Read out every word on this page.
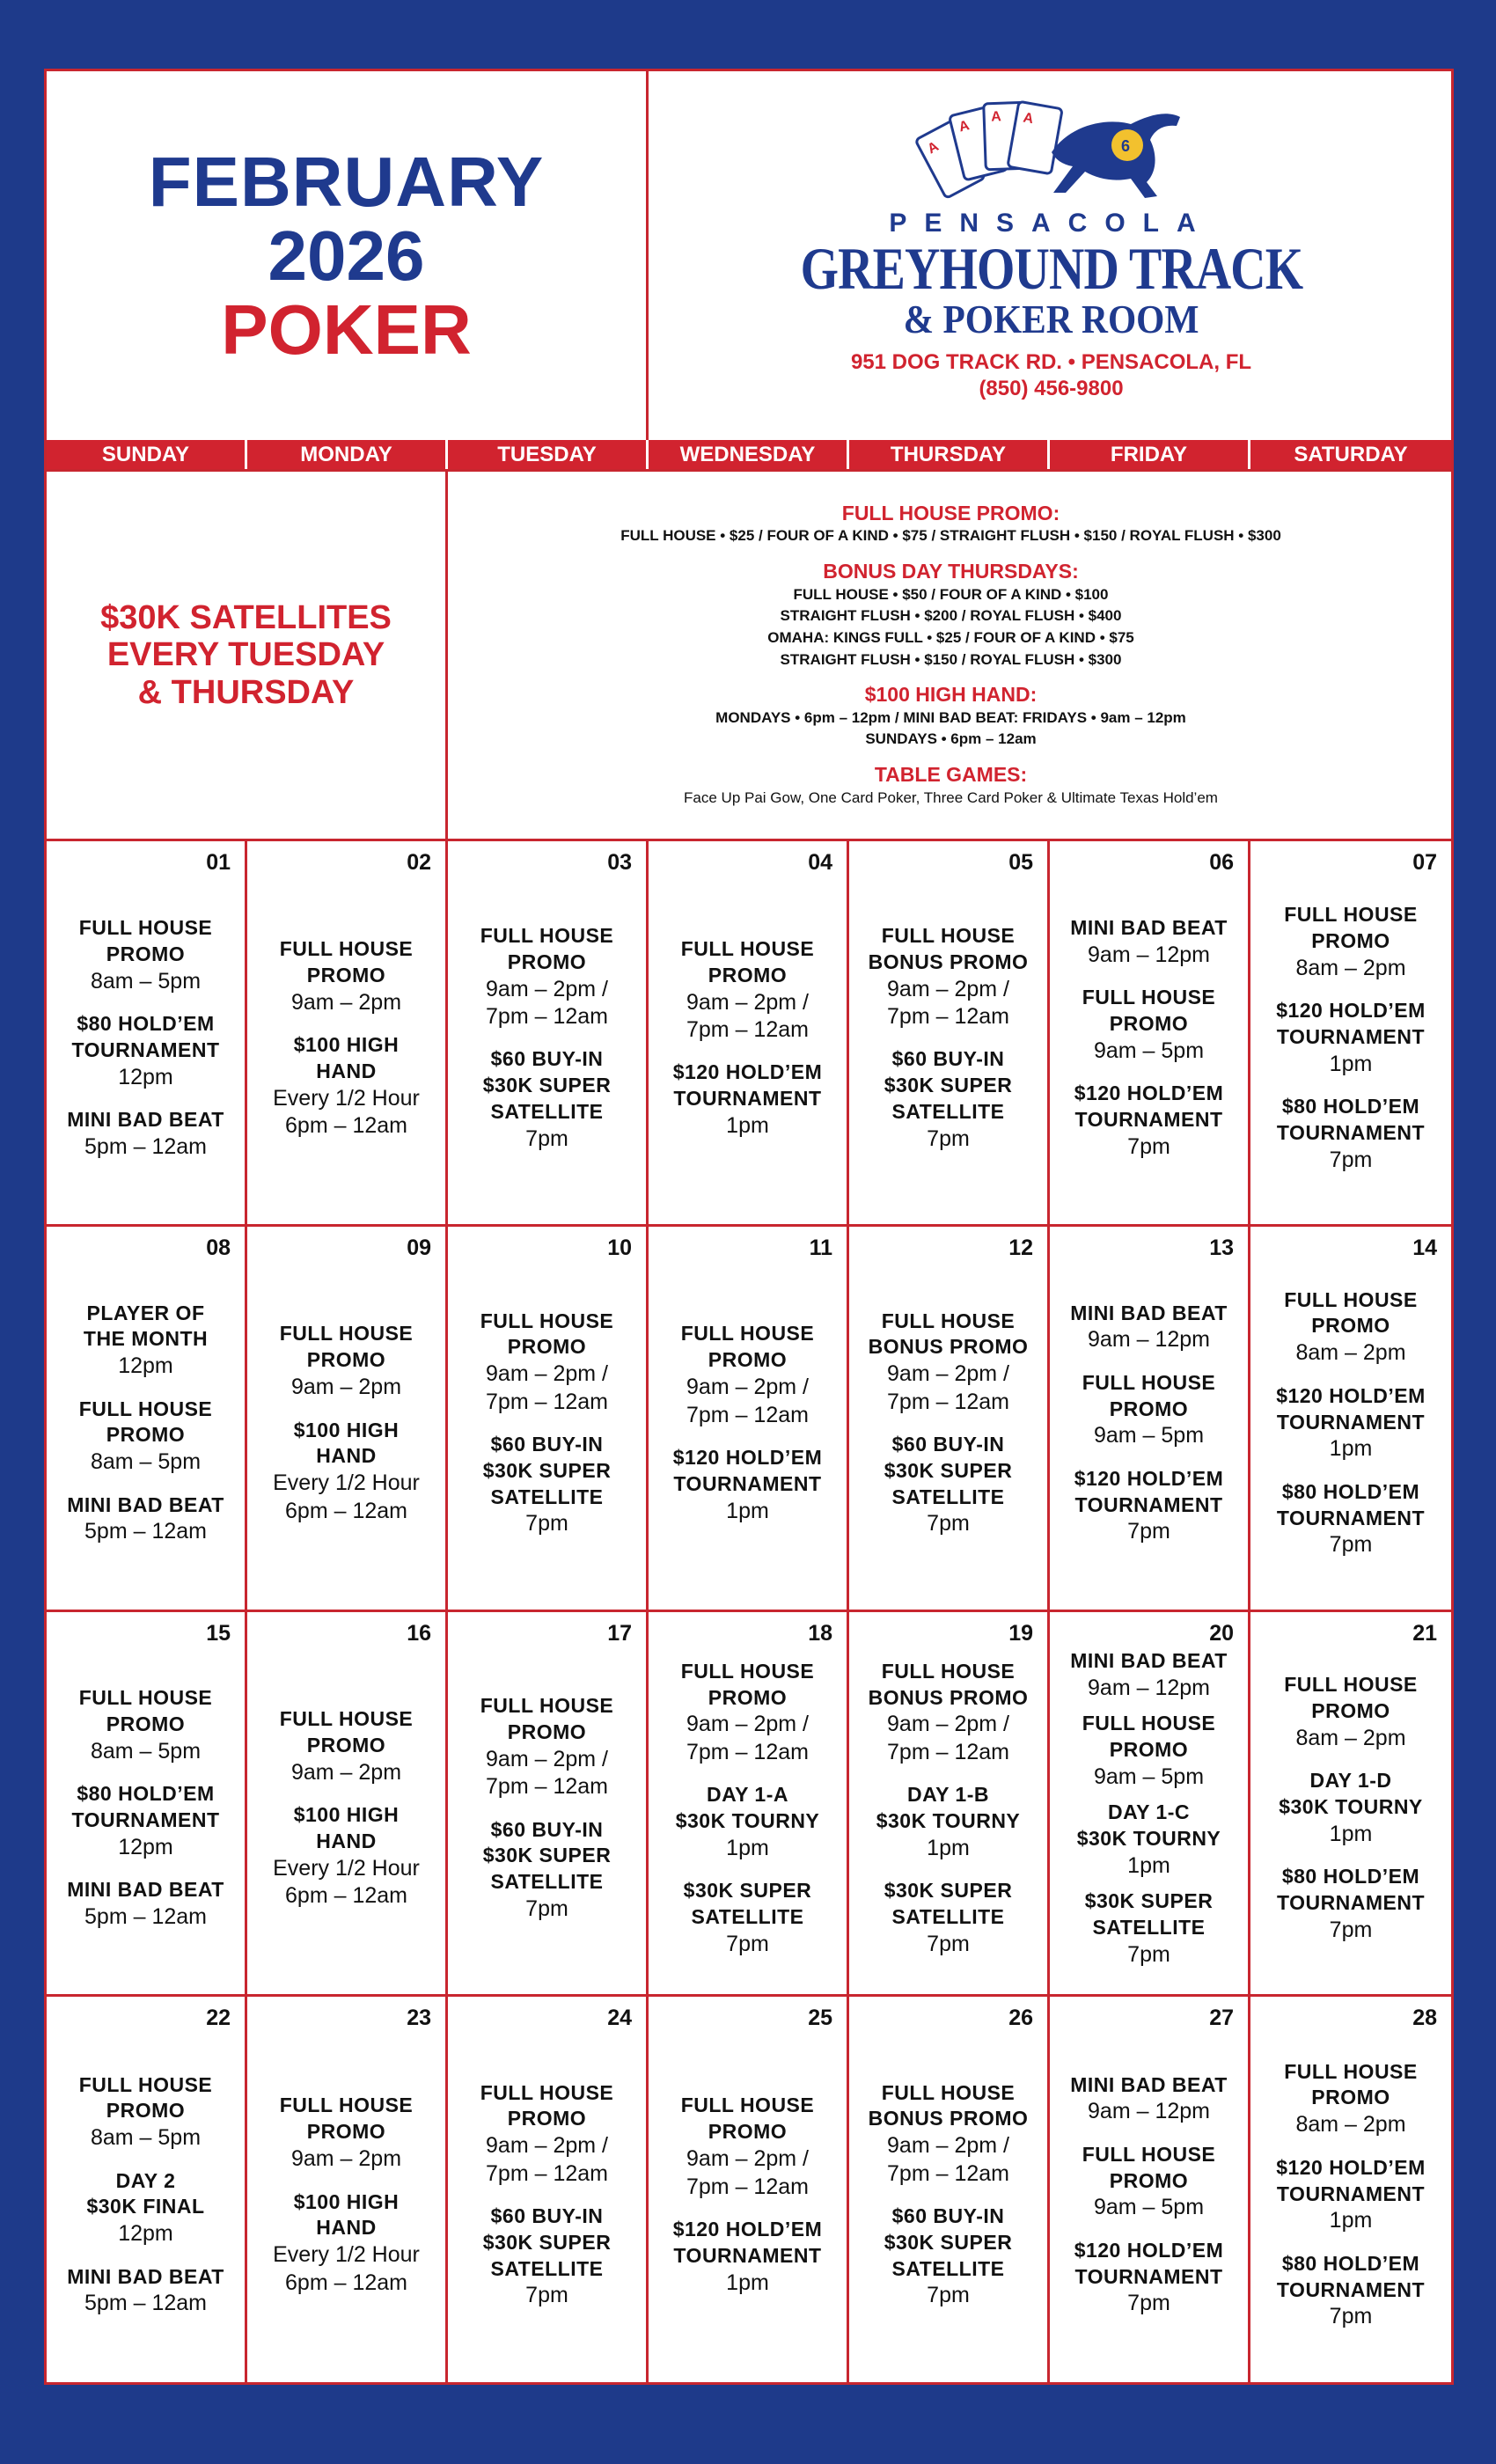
FEBRUARY
2026
POKER
A
A
A A
6
PENSACOLA
GREYHOUND TRACK
& POKER ROOM
951 DOG TRACK RD. • PENSACOLA, FL
(850) 456-9800
SUNDAY	MONDAY	TUESDAY	WEDNESDAY	THURSDAY	FRIDAY	SATURDAY
$30K SATELLITES
EVERY TUESDAY
& THURSDAY
FULL HOUSE PROMO:
FULL HOUSE • $25 / FOUR OF A KIND • $75 / STRAIGHT FLUSH • $150 / ROYAL FLUSH • $300
BONUS DAY THURSDAYS:
FULL HOUSE • $50 / FOUR OF A KIND • $100
STRAIGHT FLUSH • $200 / ROYAL FLUSH • $400
OMAHA: KINGS FULL • $25 / FOUR OF A KIND • $75
STRAIGHT FLUSH • $150 / ROYAL FLUSH • $300
$100 HIGH HAND:
MONDAYS • 6pm – 12pm / MINI BAD BEAT: FRIDAYS • 9am – 12pm
SUNDAYS • 6pm – 12am
TABLE GAMES:
Face Up Pai Gow, One Card Poker, Three Card Poker & Ultimate Texas Hold’em
01
FULL HOUSE
PROMO
8am – 5pm
$80 HOLD’EM
TOURNAMENT
12pm
MINI BAD BEAT
5pm – 12am
02
FULL HOUSE
PROMO
9am – 2pm
$100 HIGH
HAND
Every 1/2 Hour
6pm – 12am
03
FULL HOUSE
PROMO
9am – 2pm /
7pm – 12am
$60 BUY-IN
$30K SUPER
SATELLITE
7pm
04
FULL HOUSE
PROMO
9am – 2pm /
7pm – 12am
$120 HOLD’EM
TOURNAMENT
1pm
05
FULL HOUSE
BONUS PROMO
9am – 2pm /
7pm – 12am
$60 BUY-IN
$30K SUPER
SATELLITE
7pm
06
MINI BAD BEAT
9am – 12pm
FULL HOUSE
PROMO
9am – 5pm
$120 HOLD’EM
TOURNAMENT
7pm
07
FULL HOUSE
PROMO
8am – 2pm
$120 HOLD’EM
TOURNAMENT
1pm
$80 HOLD’EM
TOURNAMENT
7pm
08
PLAYER OF
THE MONTH
12pm
FULL HOUSE
PROMO
8am – 5pm
MINI BAD BEAT
5pm – 12am
09
FULL HOUSE
PROMO
9am – 2pm
$100 HIGH
HAND
Every 1/2 Hour
6pm – 12am
10
FULL HOUSE
PROMO
9am – 2pm /
7pm – 12am
$60 BUY-IN
$30K SUPER
SATELLITE
7pm
11
FULL HOUSE
PROMO
9am – 2pm /
7pm – 12am
$120 HOLD’EM
TOURNAMENT
1pm
12
FULL HOUSE
BONUS PROMO
9am – 2pm /
7pm – 12am
$60 BUY-IN
$30K SUPER
SATELLITE
7pm
13
MINI BAD BEAT
9am – 12pm
FULL HOUSE
PROMO
9am – 5pm
$120 HOLD’EM
TOURNAMENT
7pm
14
FULL HOUSE
PROMO
8am – 2pm
$120 HOLD’EM
TOURNAMENT
1pm
$80 HOLD’EM
TOURNAMENT
7pm
15
FULL HOUSE
PROMO
8am – 5pm
$80 HOLD’EM
TOURNAMENT
12pm
MINI BAD BEAT
5pm – 12am
16
FULL HOUSE
PROMO
9am – 2pm
$100 HIGH
HAND
Every 1/2 Hour
6pm – 12am
17
FULL HOUSE
PROMO
9am – 2pm /
7pm – 12am
$60 BUY-IN
$30K SUPER
SATELLITE
7pm
18
FULL HOUSE
PROMO
9am – 2pm /
7pm – 12am
DAY 1-A
$30K TOURNY
1pm
$30K SUPER
SATELLITE
7pm
19
FULL HOUSE
BONUS PROMO
9am – 2pm /
7pm – 12am
DAY 1-B
$30K TOURNY
1pm
$30K SUPER
SATELLITE
7pm
20
MINI BAD BEAT
9am – 12pm
FULL HOUSE
PROMO
9am – 5pm
DAY 1-C
$30K TOURNY
1pm
$30K SUPER
SATELLITE
7pm
21
FULL HOUSE
PROMO
8am – 2pm
DAY 1-D
$30K TOURNY
1pm
$80 HOLD’EM
TOURNAMENT
7pm
22
FULL HOUSE
PROMO
8am – 5pm
DAY 2
$30K FINAL
12pm
MINI BAD BEAT
5pm – 12am
23
FULL HOUSE
PROMO
9am – 2pm
$100 HIGH
HAND
Every 1/2 Hour
6pm – 12am
24
FULL HOUSE
PROMO
9am – 2pm /
7pm – 12am
$60 BUY-IN
$30K SUPER
SATELLITE
7pm
25
FULL HOUSE
PROMO
9am – 2pm /
7pm – 12am
$120 HOLD’EM
TOURNAMENT
1pm
26
FULL HOUSE
BONUS PROMO
9am – 2pm /
7pm – 12am
$60 BUY-IN
$30K SUPER
SATELLITE
7pm
27
MINI BAD BEAT
9am – 12pm
FULL HOUSE
PROMO
9am – 5pm
$120 HOLD’EM
TOURNAMENT
7pm
28
FULL HOUSE
PROMO
8am – 2pm
$120 HOLD’EM
TOURNAMENT
1pm
$80 HOLD’EM
TOURNAMENT
7pm
